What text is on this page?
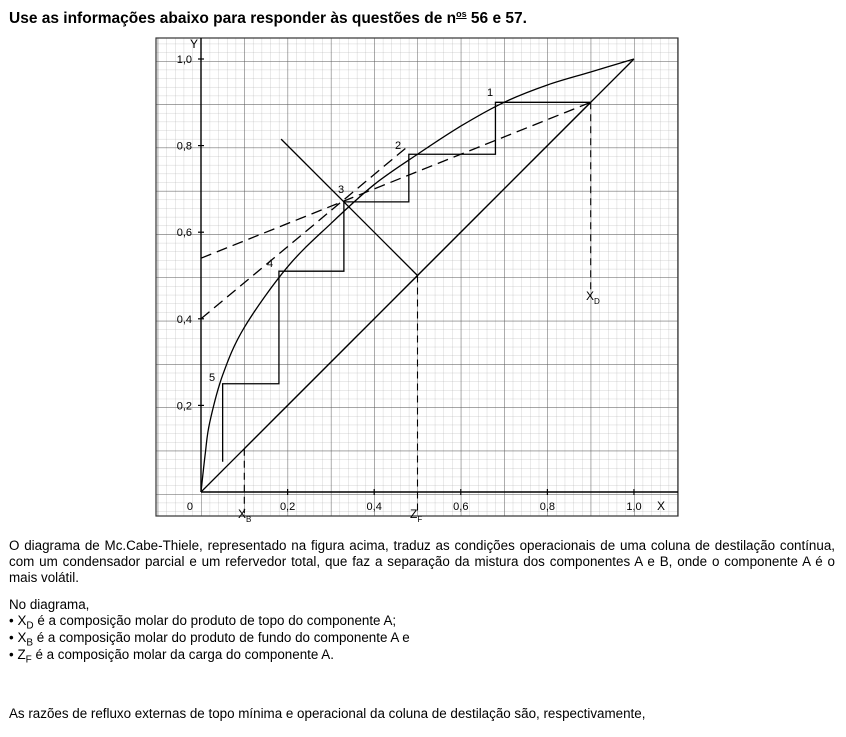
Use as informações abaixo para responder às questões de $n^{os}$ 56 e 57.
0,2	0,4	0,6	0,8	1,0
0,2
0,4
0,6
0,8
1,0
0
Y
X
1
2
3
4
5
$X_D$
$Z_F$
$X_B$
O diagrama de Mc.Cabe-Thiele, representado na figura acima, traduz as condições operacionais de uma coluna de destilação contínua, com um condensador parcial e um refervedor total, que faz a separação da mistura dos componentes A e B, onde o componente A é o mais volátil.
No diagrama,
• $X_D$ é a composição molar do produto de topo do componente A;
• $X_B$ é a composição molar do produto de fundo do componente A e
• $Z_F$ é a composição molar da carga do componente A.
As razões de refluxo externas de topo mínima e operacional da coluna de destilação são, respectivamente,
